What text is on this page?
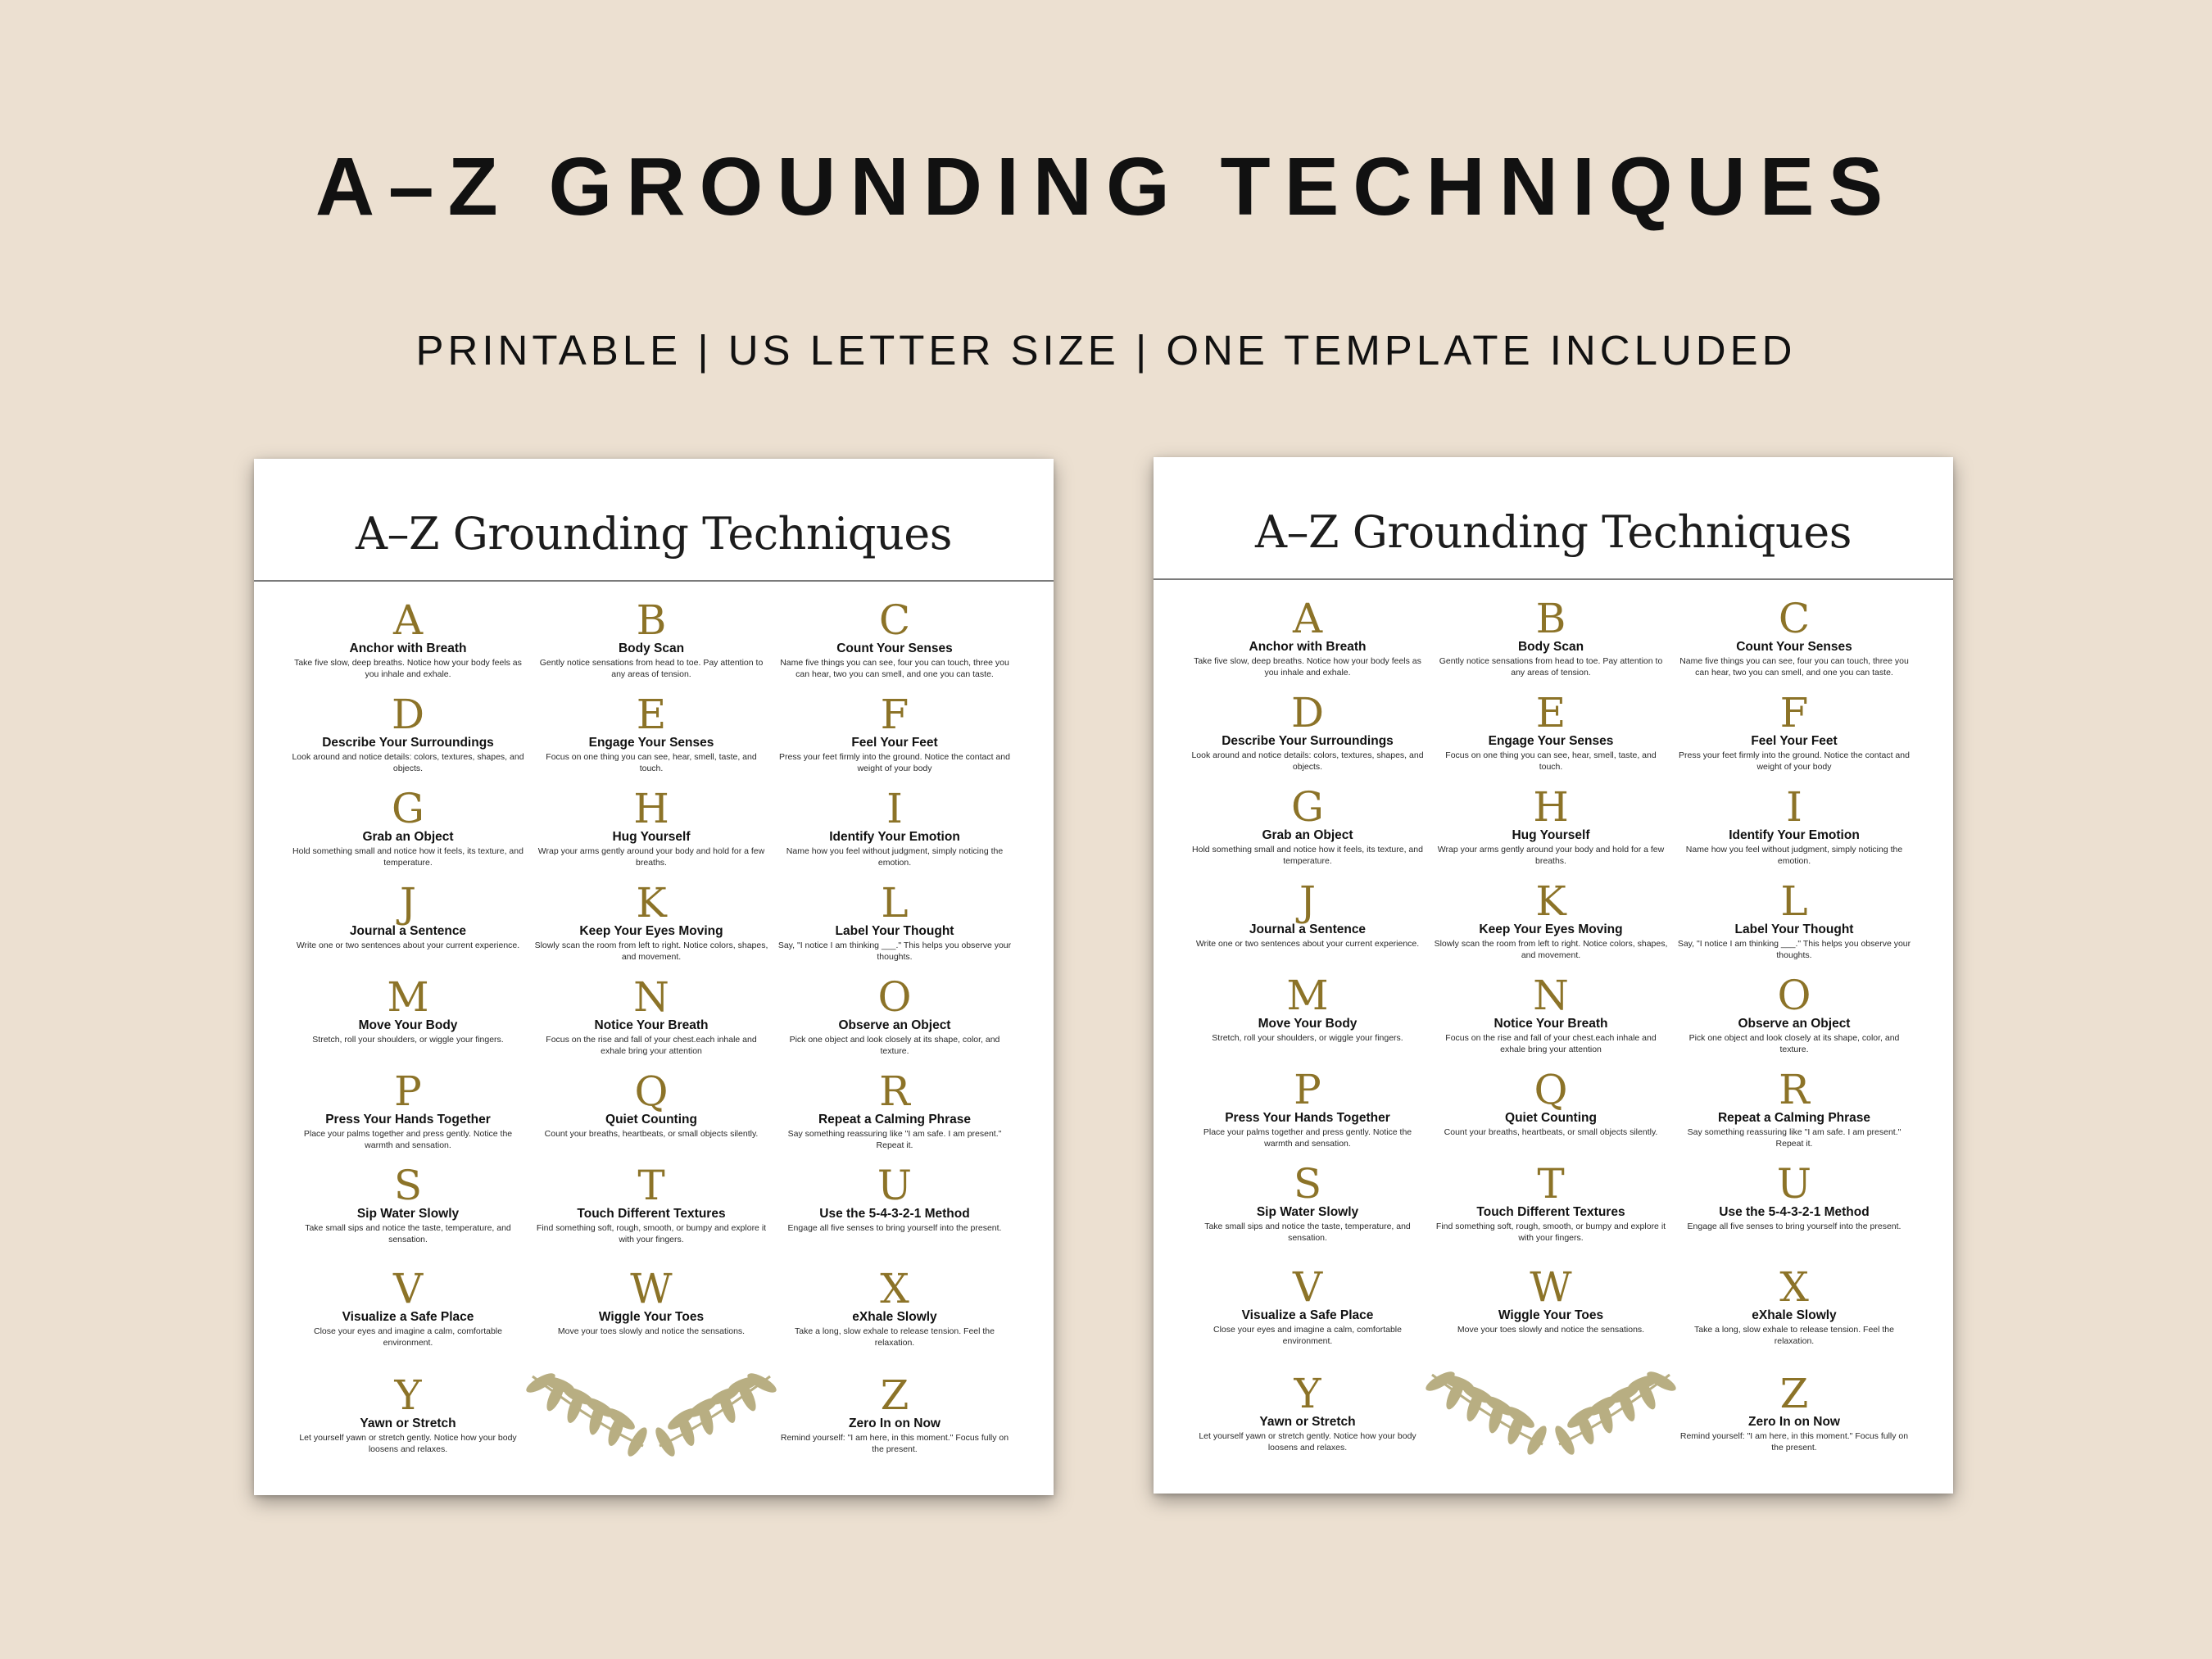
A–Z GROUNDING TECHNIQUES
PRINTABLE | US LETTER SIZE | ONE TEMPLATE INCLUDED
A–Z Grounding Techniques
A
Anchor with Breath
Take five slow, deep breaths. Notice how your body feels as you inhale and exhale.
B
Body Scan
Gently notice sensations from head to toe. Pay attention to any areas of tension.
C
Count Your Senses
Name five things you can see, four you can touch, three you can hear, two you can smell, and one you can taste.
D
Describe Your Surroundings
Look around and notice details: colors, textures, shapes, and objects.
E
Engage Your Senses
Focus on one thing you can see, hear, smell, taste, and touch.
F
Feel Your Feet
Press your feet firmly into the ground. Notice the contact and weight of your body
G
Grab an Object
Hold something small and notice how it feels, its texture, and temperature.
H
Hug Yourself
Wrap your arms gently around your body and hold for a few breaths.
I
Identify Your Emotion
Name how you feel without judgment, simply noticing the emotion.
J
Journal a Sentence
Write one or two sentences about your current experience.
K
Keep Your Eyes Moving
Slowly scan the room from left to right. Notice colors, shapes, and movement.
L
Label Your Thought
Say, "I notice I am thinking ___." This helps you observe your thoughts.
M
Move Your Body
Stretch, roll your shoulders, or wiggle your fingers.
N
Notice Your Breath
Focus on the rise and fall of your chest.each inhale and exhale bring your attention
O
Observe an Object
Pick one object and look closely at its shape, color, and texture.
P
Press Your Hands Together
Place your palms together and press gently. Notice the warmth and sensation.
Q
Quiet Counting
Count your breaths, heartbeats, or small objects silently.
R
Repeat a Calming Phrase
Say something reassuring like "I am safe. I am present." Repeat it.
S
Sip Water Slowly
Take small sips and notice the taste, temperature, and sensation.
T
Touch Different Textures
Find something soft, rough, smooth, or bumpy and explore it with your fingers.
U
Use the 5-4-3-2-1 Method
Engage all five senses to bring yourself into the present.
V
Visualize a Safe Place
Close your eyes and imagine a calm, comfortable environment.
W
Wiggle Your Toes
Move your toes slowly and notice the sensations.
X
eXhale Slowly
Take a long, slow exhale to release tension. Feel the relaxation.
Y
Yawn or Stretch
Let yourself yawn or stretch gently. Notice how your body loosens and relaxes.
Z
Zero In on Now
Remind yourself: "I am here, in this moment." Focus fully on the present.
A–Z Grounding Techniques
A
Anchor with Breath
Take five slow, deep breaths. Notice how your body feels as you inhale and exhale.
B
Body Scan
Gently notice sensations from head to toe. Pay attention to any areas of tension.
C
Count Your Senses
Name five things you can see, four you can touch, three you can hear, two you can smell, and one you can taste.
D
Describe Your Surroundings
Look around and notice details: colors, textures, shapes, and objects.
E
Engage Your Senses
Focus on one thing you can see, hear, smell, taste, and touch.
F
Feel Your Feet
Press your feet firmly into the ground. Notice the contact and weight of your body
G
Grab an Object
Hold something small and notice how it feels, its texture, and temperature.
H
Hug Yourself
Wrap your arms gently around your body and hold for a few breaths.
I
Identify Your Emotion
Name how you feel without judgment, simply noticing the emotion.
J
Journal a Sentence
Write one or two sentences about your current experience.
K
Keep Your Eyes Moving
Slowly scan the room from left to right. Notice colors, shapes, and movement.
L
Label Your Thought
Say, "I notice I am thinking ___." This helps you observe your thoughts.
M
Move Your Body
Stretch, roll your shoulders, or wiggle your fingers.
N
Notice Your Breath
Focus on the rise and fall of your chest.each inhale and exhale bring your attention
O
Observe an Object
Pick one object and look closely at its shape, color, and texture.
P
Press Your Hands Together
Place your palms together and press gently. Notice the warmth and sensation.
Q
Quiet Counting
Count your breaths, heartbeats, or small objects silently.
R
Repeat a Calming Phrase
Say something reassuring like "I am safe. I am present." Repeat it.
S
Sip Water Slowly
Take small sips and notice the taste, temperature, and sensation.
T
Touch Different Textures
Find something soft, rough, smooth, or bumpy and explore it with your fingers.
U
Use the 5-4-3-2-1 Method
Engage all five senses to bring yourself into the present.
V
Visualize a Safe Place
Close your eyes and imagine a calm, comfortable environment.
W
Wiggle Your Toes
Move your toes slowly and notice the sensations.
X
eXhale Slowly
Take a long, slow exhale to release tension. Feel the relaxation.
Y
Yawn or Stretch
Let yourself yawn or stretch gently. Notice how your body loosens and relaxes.
Z
Zero In on Now
Remind yourself: "I am here, in this moment." Focus fully on the present.
